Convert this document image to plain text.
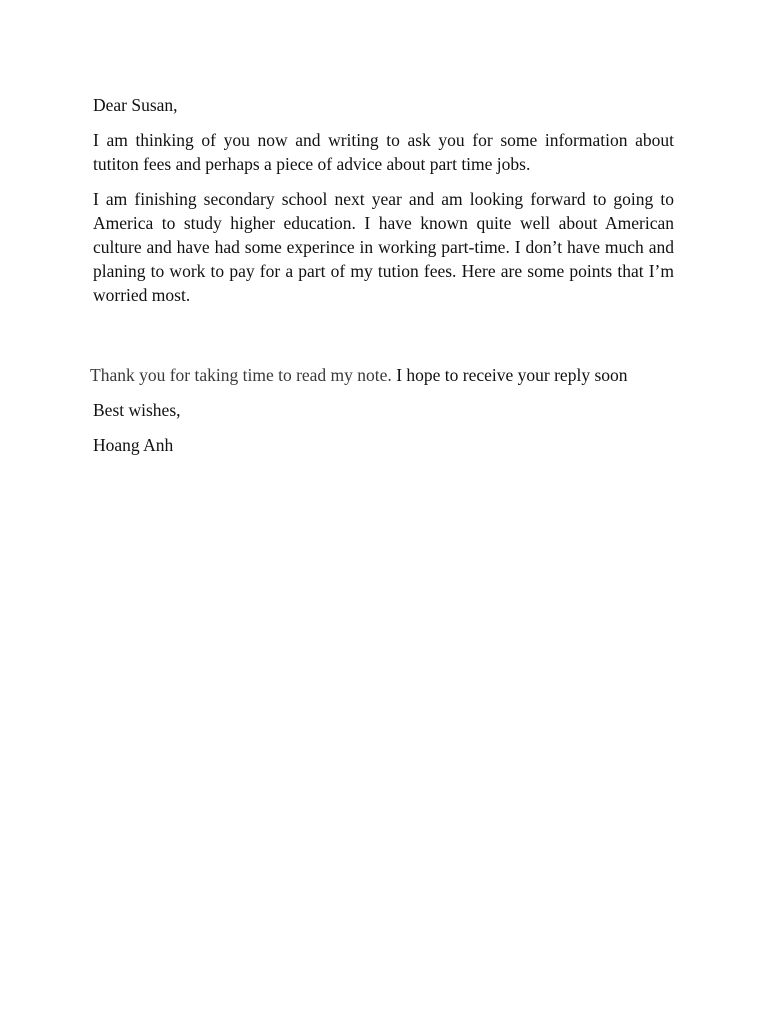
Dear Susan,

I am thinking of you now and writing to ask you for some information about tutiton fees and perhaps a piece of advice about part time jobs.

I am finishing secondary school next year and am looking forward to going to America to study higher education. I have known quite well about American culture and have had some experince in working part-time. I don’t have much and planing to work to pay for a part of my tution fees. Here are some points that I’m worried most.

Thank you for taking time to read my note. I hope to receive your reply soon

Best wishes,

Hoang Anh
